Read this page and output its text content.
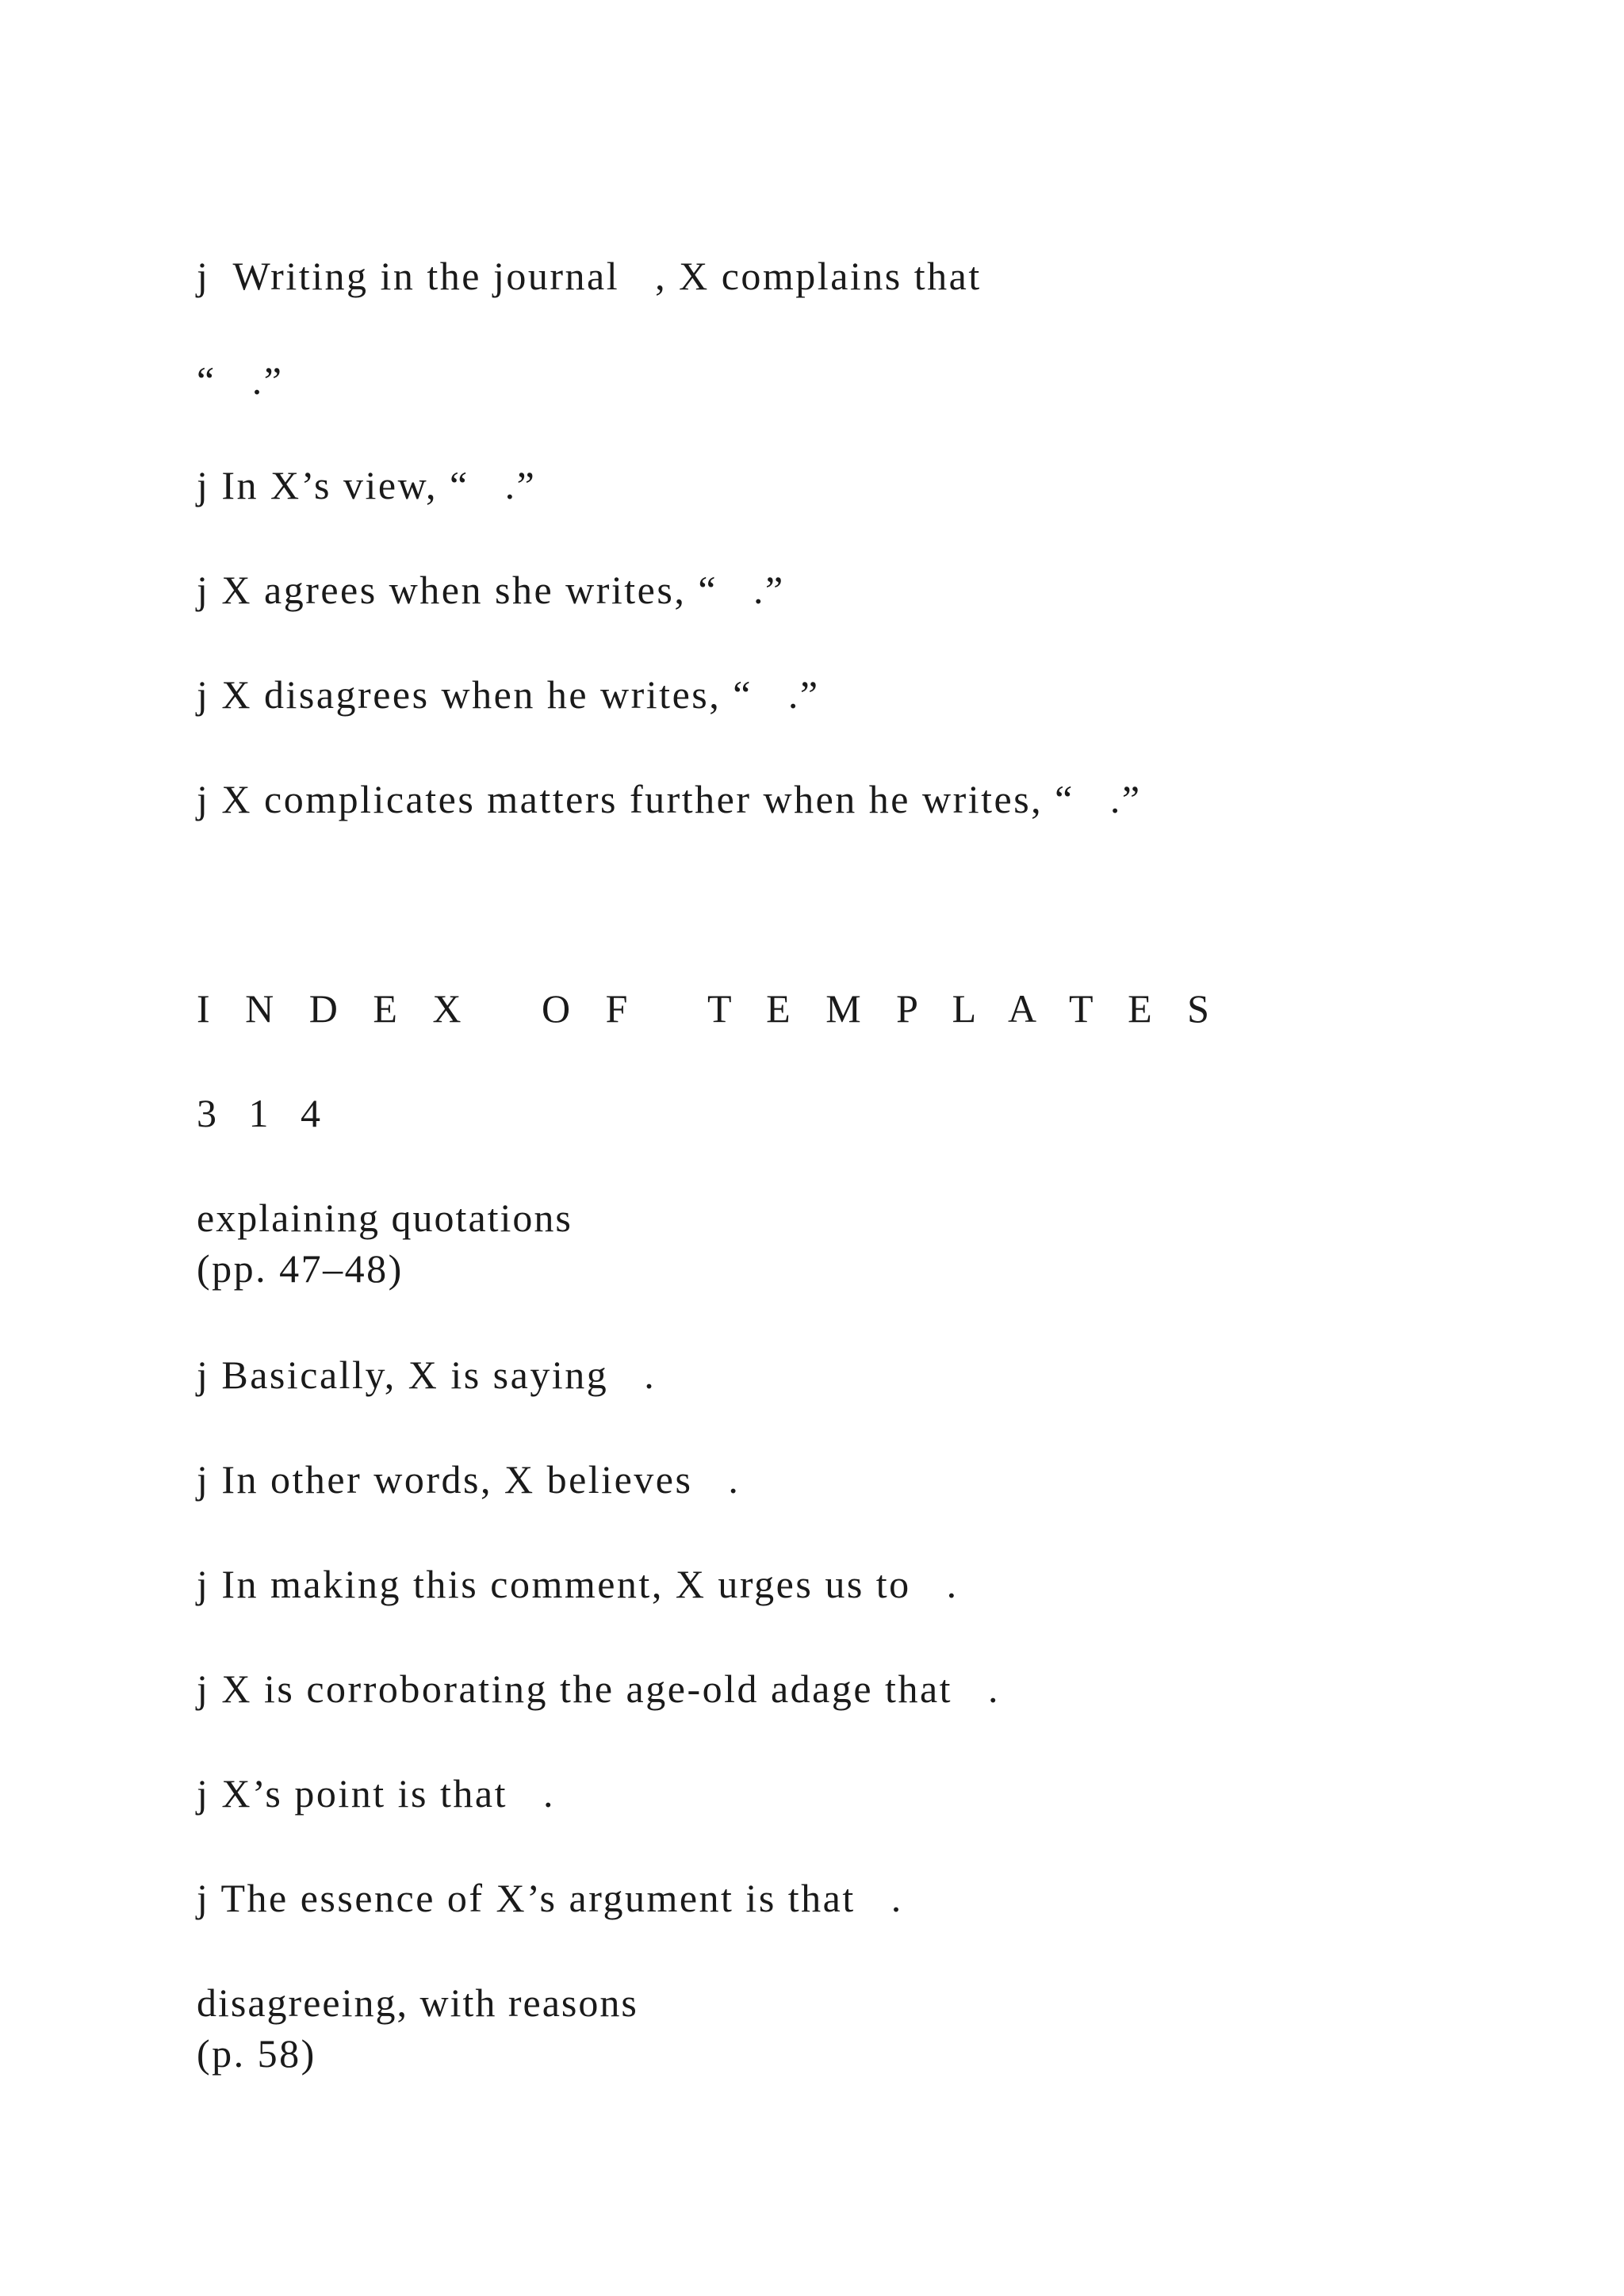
j  Writing in the journal   , X complains that
“   .”
j In X’s view, “   .”
j X agrees when she writes, “   .”
j X disagrees when he writes, “   .”
j X complicates matters further when he writes, “   .”
I N D E X   O F   T E M P L A T E S
3 1 4
explaining quotations
(pp. 47–48)
j Basically, X is saying   .
j In other words, X believes   .
j In making this comment, X urges us to   .
j X is corroborating the age-old adage that   .
j X’s point is that   .
j The essence of X’s argument is that   .
disagreeing, with reasons
(p. 58)
